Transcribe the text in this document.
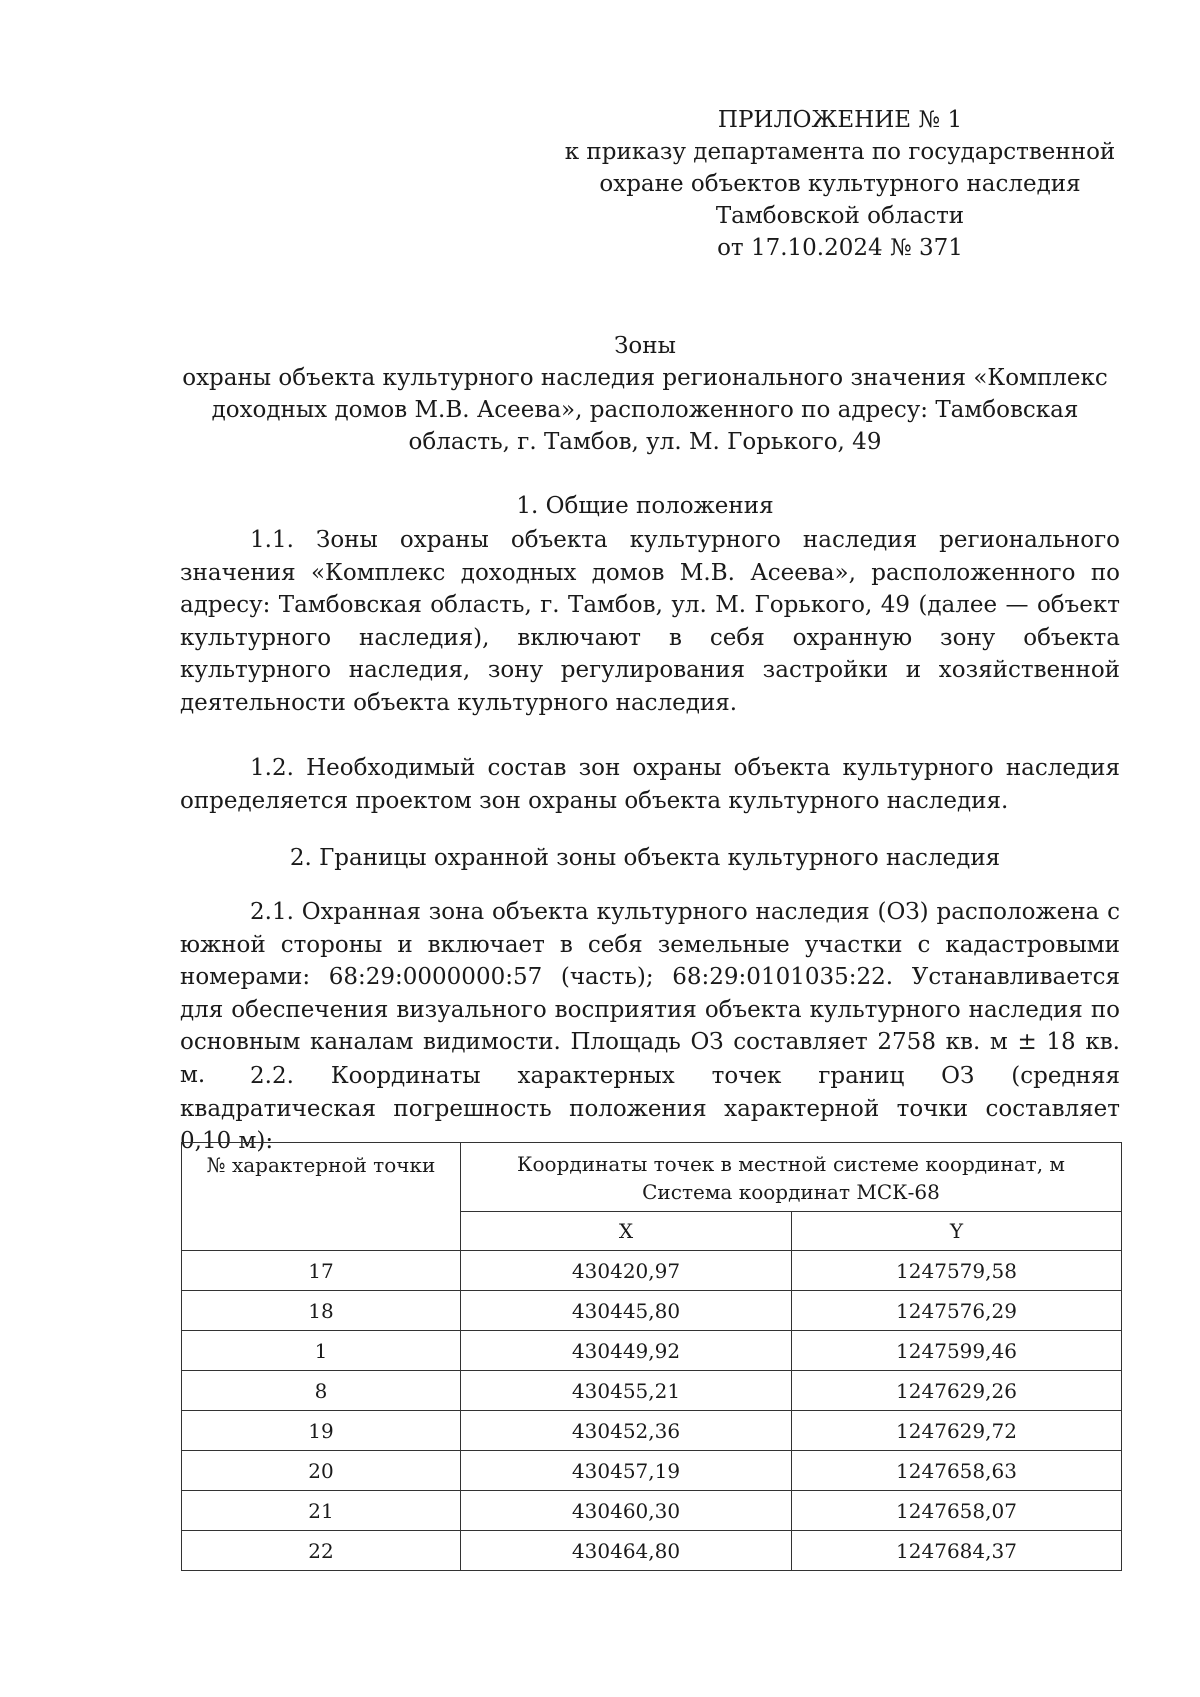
ПРИЛОЖЕНИЕ № 1
к приказу департамента по государственной
охране объектов культурного наследия
Тамбовской области
от 17.10.2024 № 371
Зоны
охраны объекта культурного наследия регионального значения «Комплекс
доходных домов М.В. Асеева», расположенного по адресу: Тамбовская
область, г. Тамбов, ул. М. Горького, 49
1. Общие положения

1.1. Зоны охраны объекта культурного наследия регионального значения «Комплекс доходных домов М.В. Асеева», расположенного по адресу: Тамбовская область, г. Тамбов, ул. М. Горького, 49 (далее — объект культурного наследия), включают в себя охранную зону объекта культурного наследия, зону регулирования застройки и хозяйственной деятельности объекта культурного наследия.

1.2. Необходимый состав зон охраны объекта культурного наследия определяется проектом зон охраны объекта культурного наследия.

2. Границы охранной зоны объекта культурного наследия

2.1. Охранная зона объекта культурного наследия (ОЗ) расположена с южной стороны и включает в себя земельные участки с кадастровыми номерами: 68:29:0000000:57 (часть); 68:29:0101035:22. Устанавливается для обеспечения визуального восприятия объекта культурного наследия по основным каналам видимости. Площадь ОЗ составляет 2758 кв. м ± 18 кв. м.	2.2. Координаты характерных точек границ ОЗ (средняя квадратическая погрешность положения характерной точки составляет 0,10 м):

№ характерной точки	Координаты точек в местной системе координат, м
Система координат МСК-68	

	X	Y
17	430420,97	1247579,58
18	430445,80	1247576,29
1	430449,92	1247599,46
8	430455,21	1247629,26
19	430452,36	1247629,72
20	430457,19	1247658,63
21	430460,30	1247658,07
22	430464,80	1247684,37
